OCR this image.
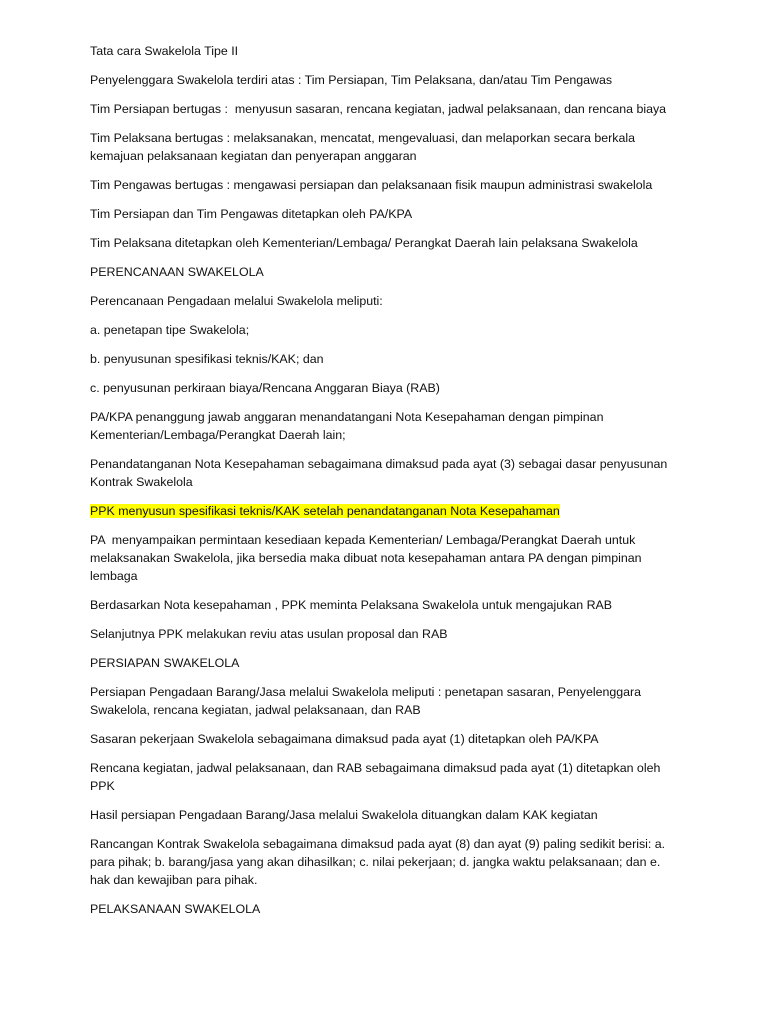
Tata cara Swakelola Tipe II

Penyelenggara Swakelola terdiri atas : Tim Persiapan, Tim Pelaksana, dan/atau Tim Pengawas

Tim Persiapan bertugas :  menyusun sasaran, rencana kegiatan, jadwal pelaksanaan, dan rencana biaya

Tim Pelaksana bertugas : melaksanakan, mencatat, mengevaluasi, dan melaporkan secara berkala
kemajuan pelaksanaan kegiatan dan penyerapan anggaran

Tim Pengawas bertugas : mengawasi persiapan dan pelaksanaan fisik maupun administrasi swakelola

Tim Persiapan dan Tim Pengawas ditetapkan oleh PA/KPA

Tim Pelaksana ditetapkan oleh Kementerian/Lembaga/ Perangkat Daerah lain pelaksana Swakelola

PERENCANAAN SWAKELOLA

Perencanaan Pengadaan melalui Swakelola meliputi:

a. penetapan tipe Swakelola;

b. penyusunan spesifikasi teknis/KAK; dan

c. penyusunan perkiraan biaya/Rencana Anggaran Biaya (RAB)

PA/KPA penanggung jawab anggaran menandatangani Nota Kesepahaman dengan pimpinan
Kementerian/Lembaga/Perangkat Daerah lain;

Penandatanganan Nota Kesepahaman sebagaimana dimaksud pada ayat (3) sebagai dasar penyusunan
Kontrak Swakelola

PPK menyusun spesifikasi teknis/KAK setelah penandatanganan Nota Kesepahaman

PA  menyampaikan permintaan kesediaan kepada Kementerian/ Lembaga/Perangkat Daerah untuk
melaksanakan Swakelola, jika bersedia maka dibuat nota kesepahaman antara PA dengan pimpinan
lembaga

Berdasarkan Nota kesepahaman , PPK meminta Pelaksana Swakelola untuk mengajukan RAB

Selanjutnya PPK melakukan reviu atas usulan proposal dan RAB

PERSIAPAN SWAKELOLA

Persiapan Pengadaan Barang/Jasa melalui Swakelola meliputi : penetapan sasaran, Penyelenggara
Swakelola, rencana kegiatan, jadwal pelaksanaan, dan RAB

Sasaran pekerjaan Swakelola sebagaimana dimaksud pada ayat (1) ditetapkan oleh PA/KPA

Rencana kegiatan, jadwal pelaksanaan, dan RAB sebagaimana dimaksud pada ayat (1) ditetapkan oleh
PPK

Hasil persiapan Pengadaan Barang/Jasa melalui Swakelola dituangkan dalam KAK kegiatan

Rancangan Kontrak Swakelola sebagaimana dimaksud pada ayat (8) dan ayat (9) paling sedikit berisi: a.
para pihak; b. barang/jasa yang akan dihasilkan; c. nilai pekerjaan; d. jangka waktu pelaksanaan; dan e.
hak dan kewajiban para pihak.

PELAKSANAAN SWAKELOLA
